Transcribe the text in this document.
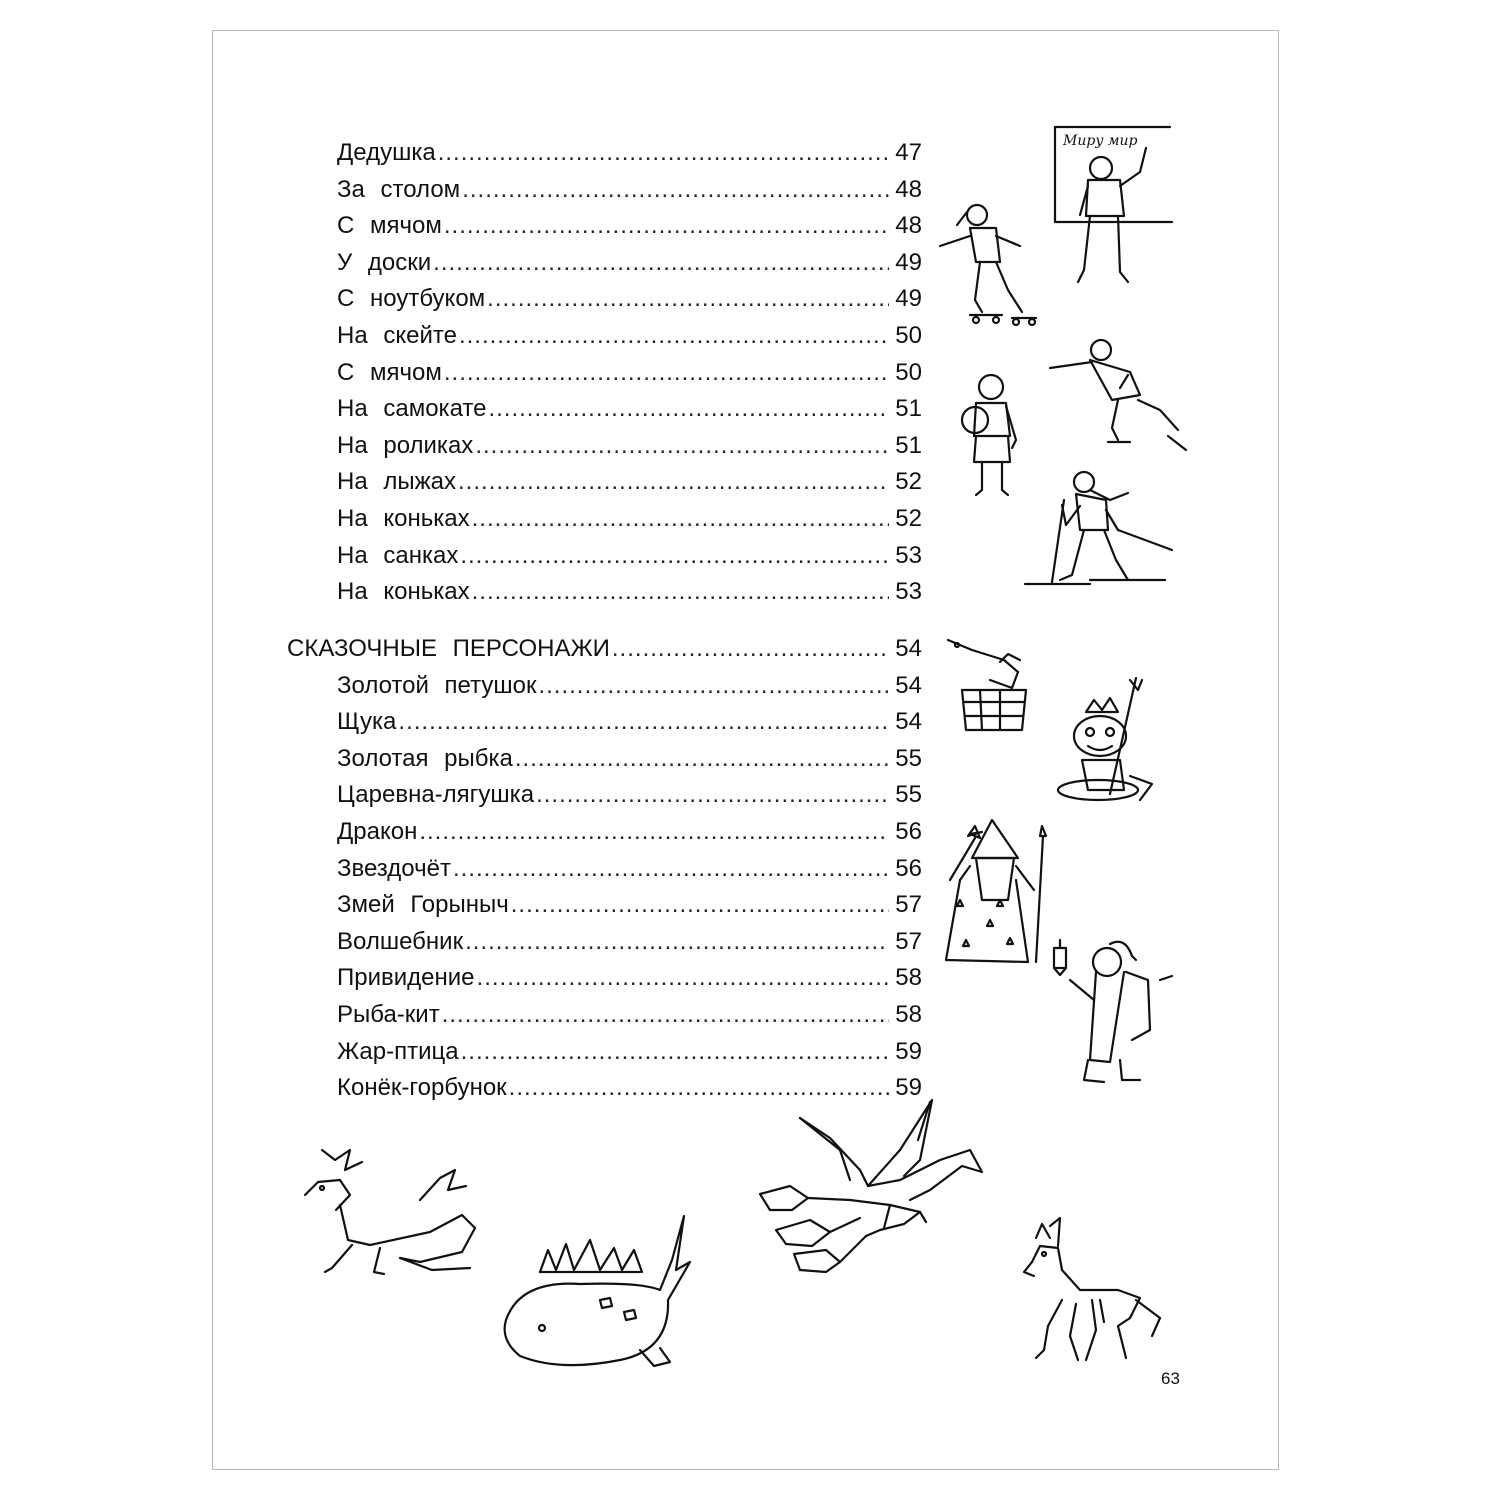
Дедушка .....	47
За столом .....	48
С мячом .....	48
У доски .....	49
С ноутбуком .....	49
На скейте .....	50
С мячом .....	50
На самокате .....	51
На роликах .....	51
На лыжах .....	52
На коньках .....	52
На санках .....	53
На коньках .....	53
СКАЗОЧНЫЕ ПЕРСОНАЖИ .....	54
Золотой петушок .....	54
Щука .....	54
Золотая рыбка .....	55
Царевна-лягушка .....	55
Дракон .....	56
Звездочёт .....	56
Змей Горыныч .....	57
Волшебник .....	57
Привидение .....	58
Рыба-кит .....	58
Жар-птица .....	59
Конёк-горбунок .....	59
63
Миру мир
